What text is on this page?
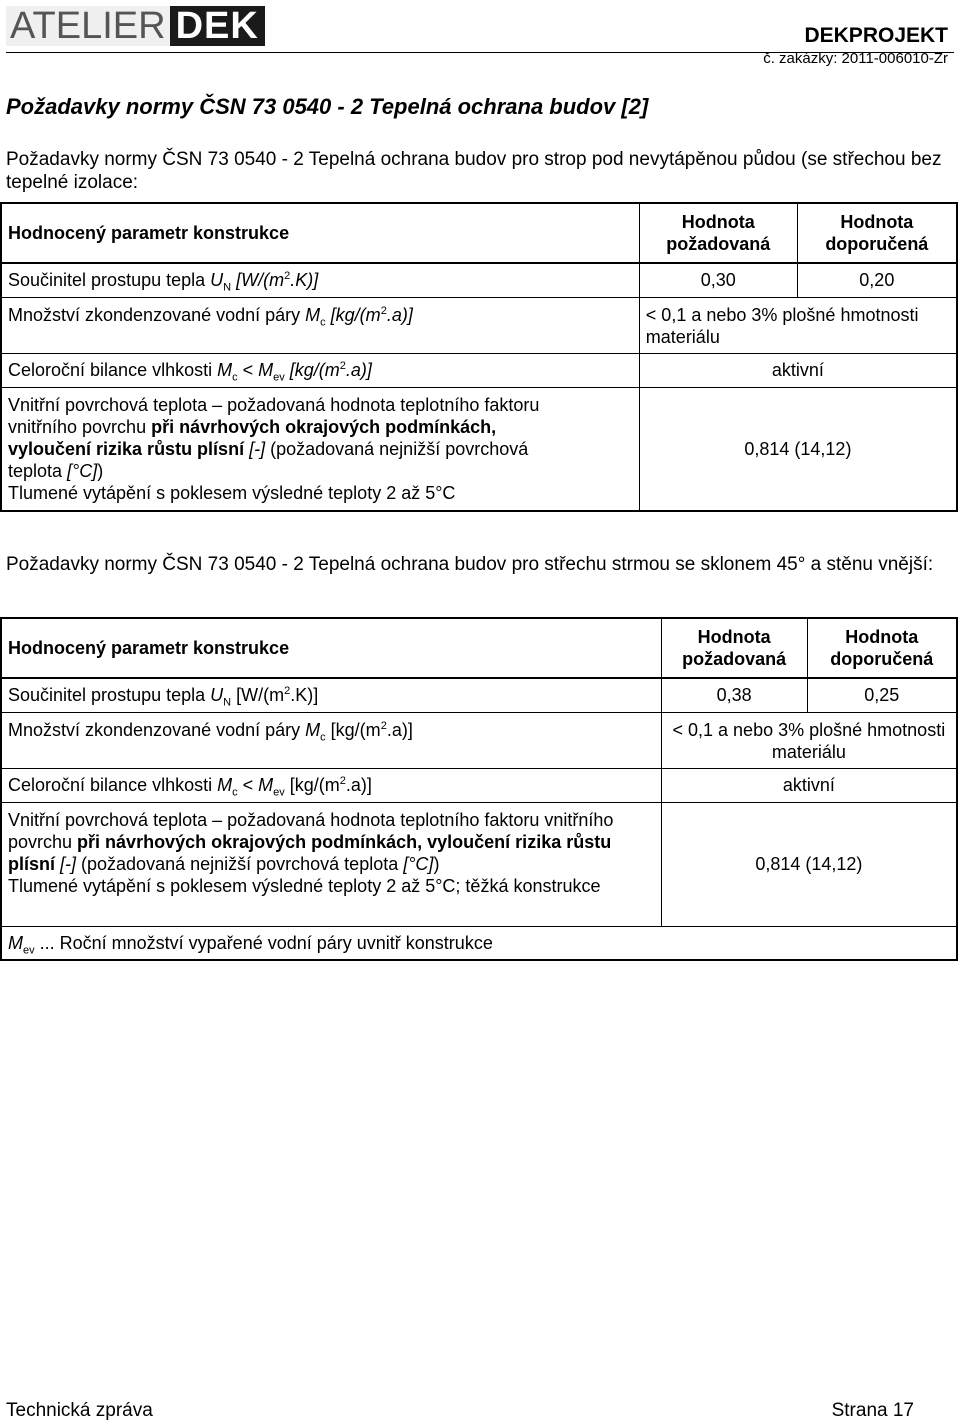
ATELIER DEK	DEKPROJEKT
č. zakázky: 2011-006010-Zr
Požadavky normy ČSN 73 0540 - 2 Tepelná ochrana budov [2]
Požadavky normy ČSN 73 0540 - 2 Tepelná ochrana budov pro strop pod nevytápěnou půdou (se střechou bez tepelné izolace:
Hodnocený parametr konstrukce	Hodnota požadovaná	Hodnota doporučená
Součinitel prostupu tepla $U_N$ $[W/(m^2.K)]$	0,30	0,20
Množství zkondenzované vodní páry $M_c$ $[kg/(m^2.a)]$	< 0,1 a nebo 3% plošné hmotnosti materiálu	
Celoroční bilance vlhkosti $M_c < M_{ev}$ $[kg/(m^2.a)]$	aktivní	
Vnitřní povrchová teplota – požadovaná hodnota teplotního faktoru vnitřního povrchu při návrhových okrajových podmínkách, vyloučení rizika růstu plísní [-] (požadovaná nejnižší povrchová teplota [°C])
Tlumené vytápění s poklesem výsledné teploty 2 až 5°C	0,814 (14,12)	
Požadavky normy ČSN 73 0540 - 2 Tepelná ochrana budov pro střechu strmou se sklonem 45° a stěnu vnější:
Hodnocený parametr konstrukce	Hodnota požadovaná	Hodnota doporučená
Součinitel prostupu tepla $U_N$ $[W/(m^2.K)]$	0,38	0,25
Množství zkondenzované vodní páry $M_c$ $[kg/(m^2.a)]$	< 0,1 a nebo 3% plošné hmotnosti materiálu	
Celoroční bilance vlhkosti $M_c < M_{ev}$ $[kg/(m^2.a)]$	aktivní	
Vnitřní povrchová teplota – požadovaná hodnota teplotního faktoru vnitřního povrchu při návrhových okrajových podmínkách, vyloučení rizika růstu plísní [-] (požadovaná nejnižší povrchová teplota [°C])
Tlumené vytápění s poklesem výsledné teploty 2 až 5°C; těžká konstrukce	0,814 (14,12)	
$M_{ev}$ ... Roční množství vypařené vodní páry uvnitř konstrukce		
Technická zpráva	Strana 17
